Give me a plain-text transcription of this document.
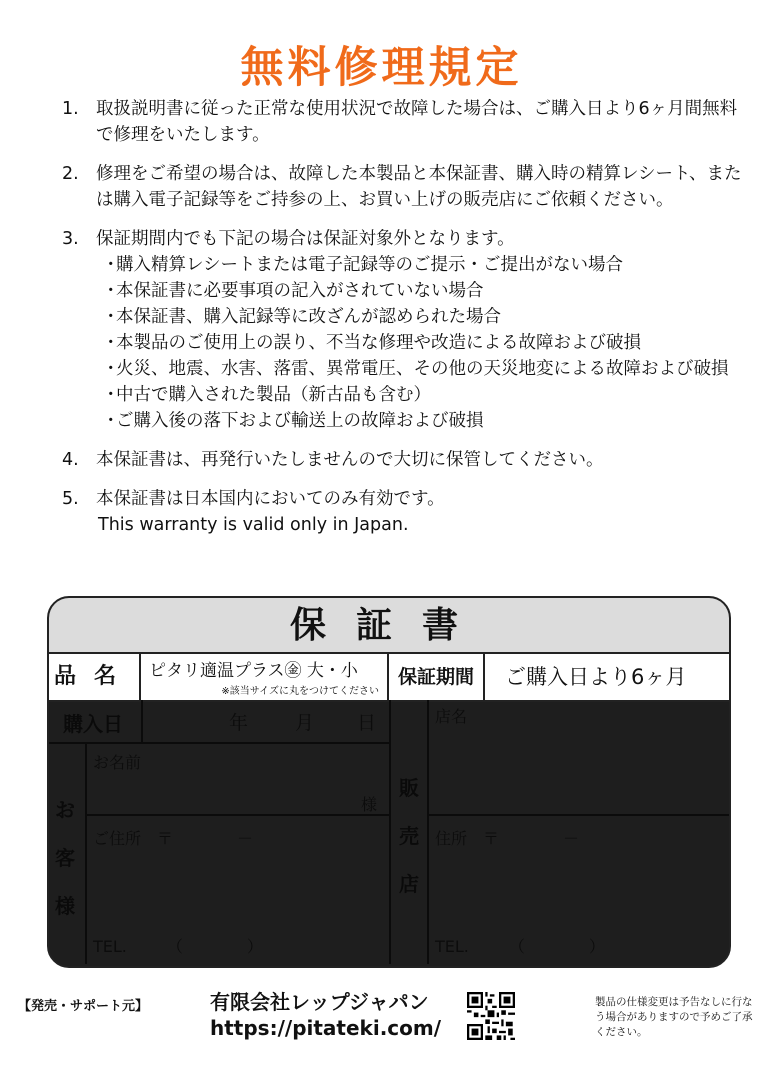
無料修理規定
1. 取扱説明書に従った正常な使用状況で故障した場合は、ご購入日より6ヶ月間無料で修理をいたします。
2. 修理をご希望の場合は、故障した本製品と本保証書、購入時の精算レシート、または購入電子記録等をご持参の上、お買い上げの販売店にご依頼ください。
3. 保証期間内でも下記の場合は保証対象外となります。
・
購入精算レシートまたは電子記録等のご提示・ご提出がない場合
・
本保証書に必要事項の記入がされていない場合
・
本保証書、購入記録等に改ざんが認められた場合
・
本製品のご使用上の誤り、不当な修理や改造による故障および破損
・
火災、地震、水害、落雷、異常電圧、その他の天災地変による故障および破損
・
中古で購入された製品（新古品も含む）
・
ご購入後の落下および輸送上の故障および破損
4. 本保証書は、再発行いたしませんので大切に保管してください。
5. 本保証書は日本国内においてのみ有効です。
This warranty is valid only in Japan.
保証書
品名 ピタリ適温プラス㊎ 大・小
※該当サイズに丸をつけてください
保証期間	ご購入日より6ヶ月
購入日	年 月 日
お
客
様
お名前
様
ご住所　〒　　　　－
TEL.　　　（　　　　）
販
売
店
店名
住所　〒　　　　－
TEL.　　　（　　　　）
【発売・サポート元】	有限会社レップジャパン
https://pitateki.com/
製品の仕様変更は予告なしに行なう場合がありますので予めご了承ください。
